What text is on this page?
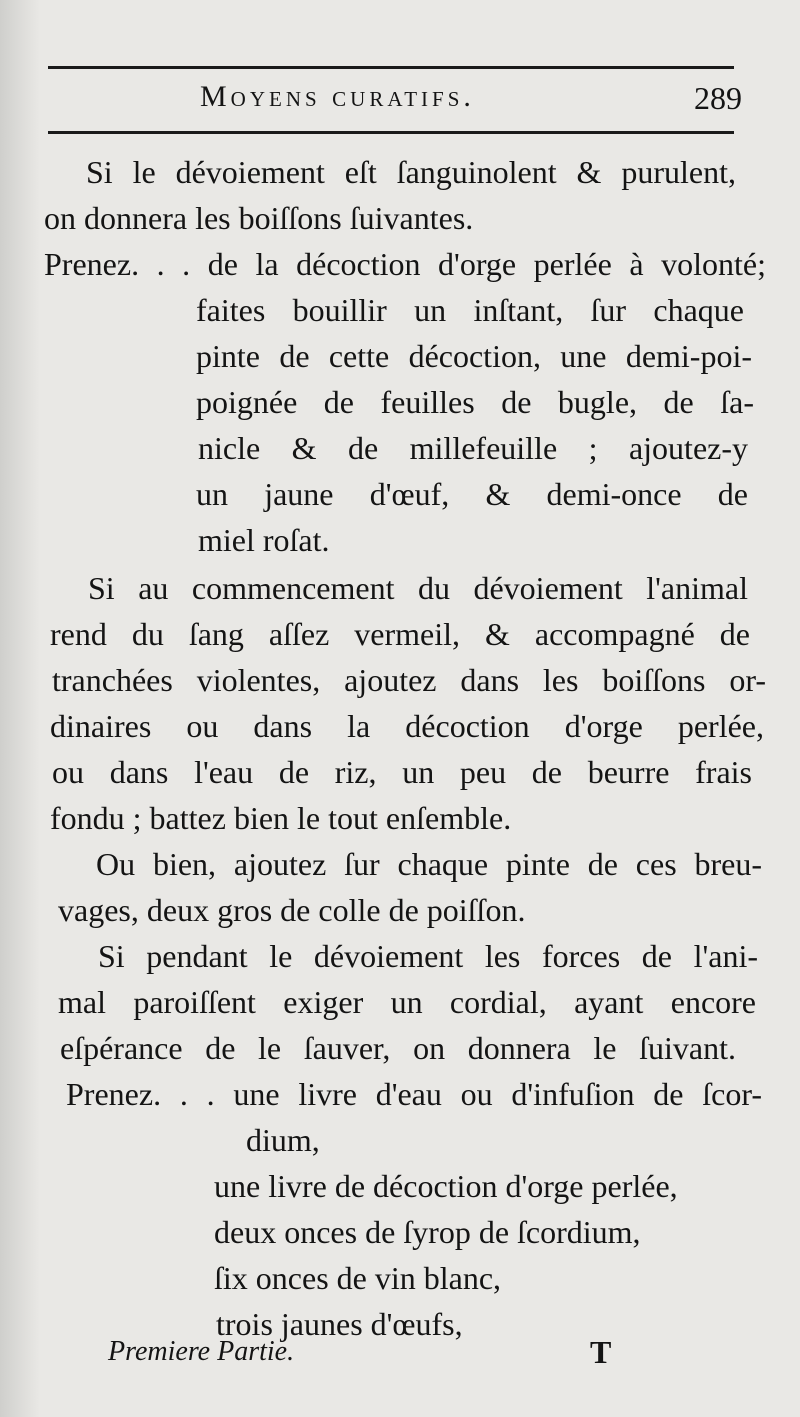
Moyens curatifs.	289
Si le dévoiement eſt ſanguinolent & purulent,
on donnera les boiſſons ſuivantes.
Prenez. . . de la décoction d'orge perlée à volonté;
faites bouillir un inſtant, ſur chaque
pinte de cette décoction, une demi-poi-
poignée de feuilles de bugle, de ſa-
nicle & de millefeuille ; ajoutez-y
un jaune d'œuf, & demi-once de
miel roſat.
Si au commencement du dévoiement l'animal
rend du ſang aſſez vermeil, & accompagné de
tranchées violentes, ajoutez dans les boiſſons or-
dinaires ou dans la décoction d'orge perlée,
ou dans l'eau de riz, un peu de beurre frais
fondu ; battez bien le tout enſemble.
Ou bien, ajoutez ſur chaque pinte de ces breu-
vages, deux gros de colle de poiſſon.
Si pendant le dévoiement les forces de l'ani-
mal paroiſſent exiger un cordial, ayant encore
eſpérance de le ſauver, on donnera le ſuivant.
Prenez. . . une livre d'eau ou d'infuſion de ſcor-
dium,
une livre de décoction d'orge perlée,
deux onces de ſyrop de ſcordium,
ſix onces de vin blanc,
trois jaunes d'œufs,
Premiere Partie.	T
